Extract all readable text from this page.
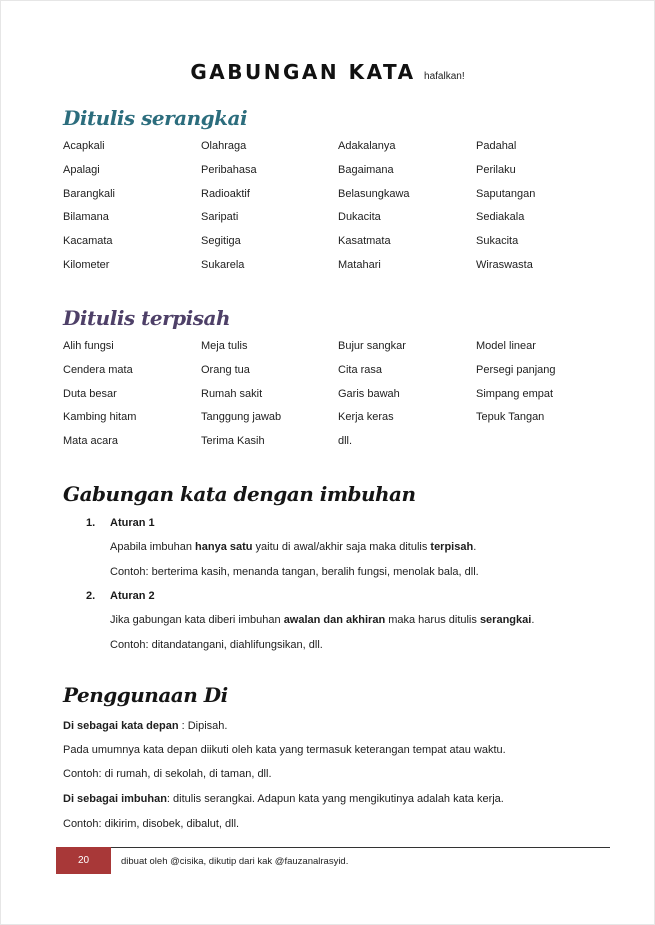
GABUNGAN KATA hafalkan!
Ditulis serangkai
Acapkali
Apalagi
Barangkali
Bilamana
Kacamata
Kilometer
Olahraga
Peribahasa
Radioaktif
Saripati
Segitiga
Sukarela
Adakalanya
Bagaimana
Belasungkawa
Dukacita
Kasatmata
Matahari
Padahal
Perilaku
Saputangan
Sediakala
Sukacita
Wiraswasta
Ditulis terpisah
Alih fungsi
Cendera mata
Duta besar
Kambing hitam
Mata acara
Meja tulis
Orang tua
Rumah sakit
Tanggung jawab
Terima Kasih
Bujur sangkar
Cita rasa
Garis bawah
Kerja keras
dll.
Model linear
Persegi panjang
Simpang empat
Tepuk Tangan
Gabungan kata dengan imbuhan
1. Aturan 1
Apabila imbuhan hanya satu yaitu di awal/akhir saja maka ditulis terpisah.
Contoh: berterima kasih, menanda tangan, beralih fungsi, menolak bala, dll.
2. Aturan 2
Jika gabungan kata diberi imbuhan awalan dan akhiran maka harus ditulis serangkai.
Contoh: ditandatangani, diahlifungsikan, dll.
Penggunaan Di
Di sebagai kata depan : Dipisah.
Pada umumnya kata depan diikuti oleh kata yang termasuk keterangan tempat atau waktu.
Contoh: di rumah, di sekolah, di taman, dll.
Di sebagai imbuhan: ditulis serangkai. Adapun kata yang mengikutinya adalah kata kerja.
Contoh: dikirim, disobek, dibalut, dll.
20	dibuat oleh @cisika, dikutip dari kak @fauzanalrasyid.
